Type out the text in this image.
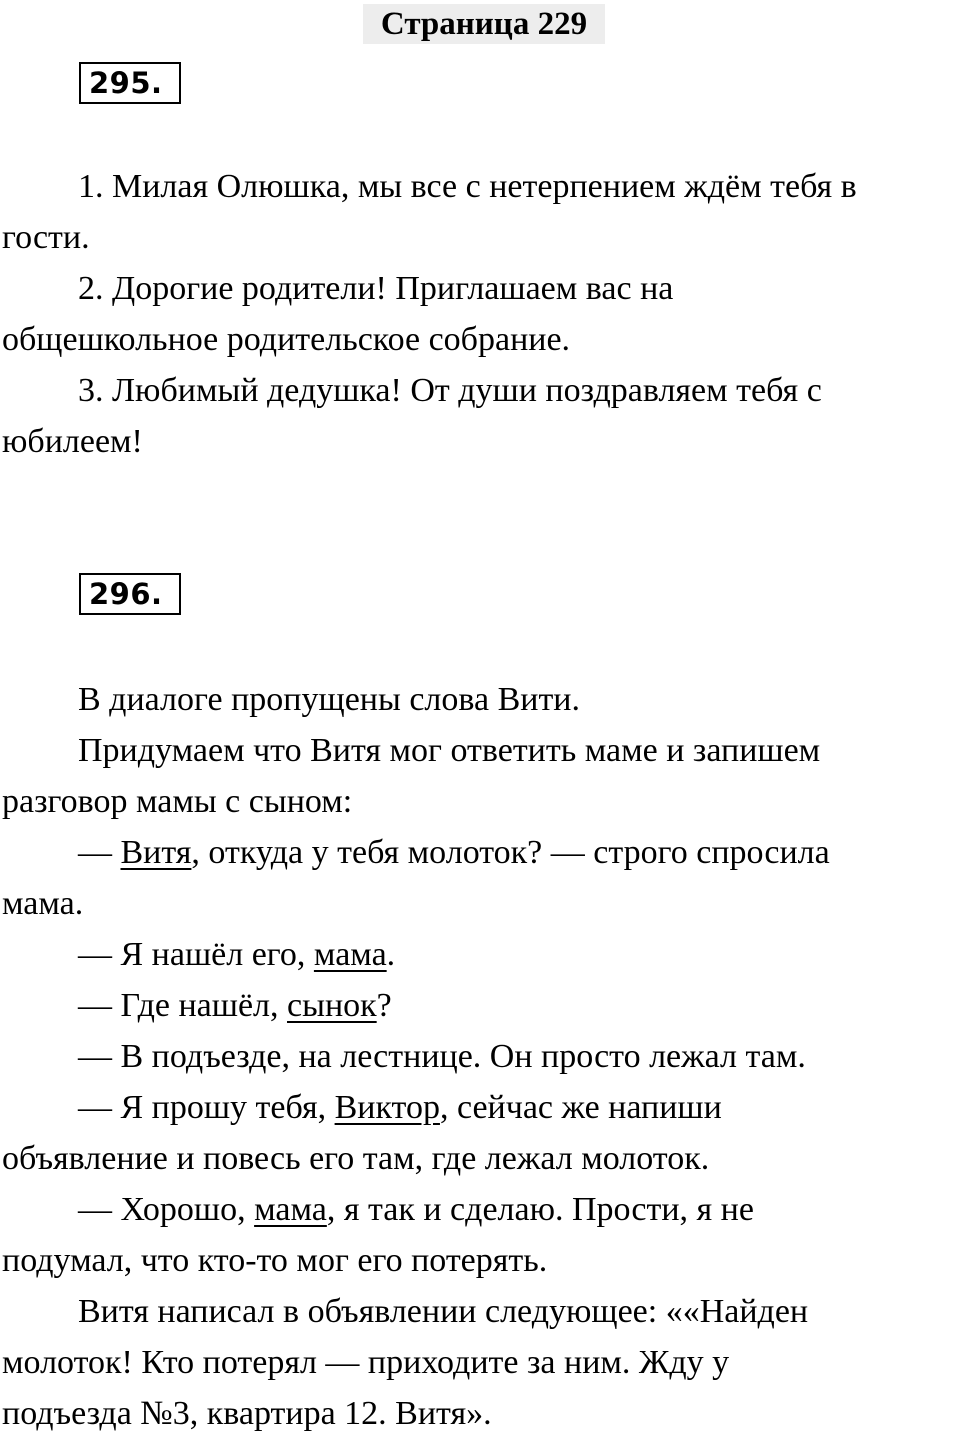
Страница 229
295.

1. Милая Олюшка, мы все с нетерпением ждём тебя в

гости.

2. Дорогие родители! Приглашаем вас на

общешкольное родительское собрание.

3. Любимый дедушка! От души поздравляем тебя с

юбилеем!

296.

В диалоге пропущены слова Вити.

Придумаем что Витя мог ответить маме и запишем

разговор мамы с сыном:

— Витя, откуда у тебя молоток? — строго спросила

мама.

— Я нашёл его, мама.

— Где нашёл, сынок?

— В подъезде, на лестнице. Он просто лежал там.

— Я прошу тебя, Виктор, сейчас же напиши

объявление и повесь его там, где лежал молоток.

— Хорошо, мама, я так и сделаю. Прости, я не

подумал, что кто-то мог его потерять.

Витя написал в объявлении следующее: ««Найден

молоток! Кто потерял — приходите за ним. Жду у

подъезда №3, квартира 12. Витя».
